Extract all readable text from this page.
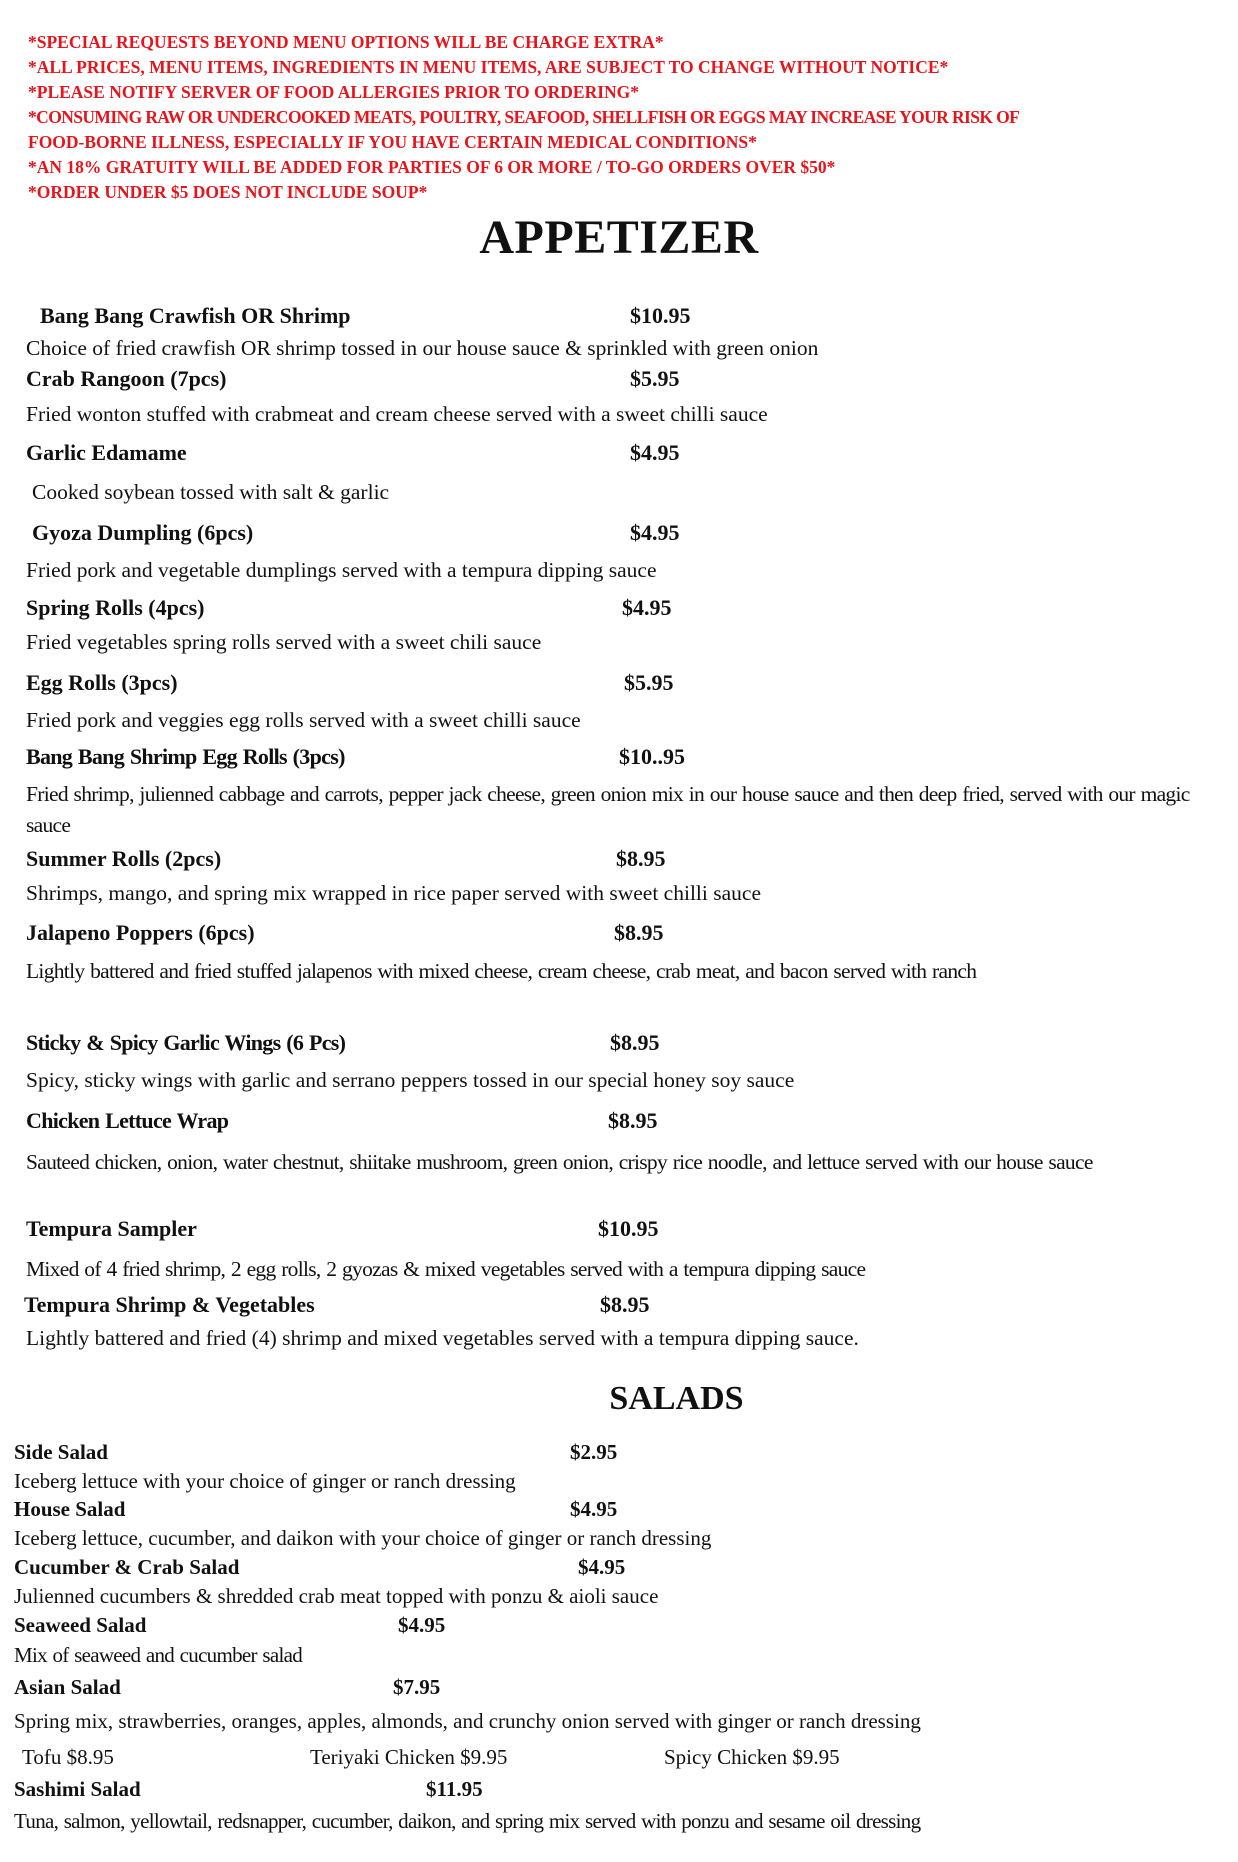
*SPECIAL REQUESTS BEYOND MENU OPTIONS WILL BE CHARGE EXTRA*
*ALL PRICES, MENU ITEMS, INGREDIENTS IN MENU ITEMS, ARE SUBJECT TO CHANGE WITHOUT NOTICE*
*PLEASE NOTIFY SERVER OF FOOD ALLERGIES PRIOR TO ORDERING*
*CONSUMING RAW OR UNDERCOOKED MEATS, POULTRY, SEAFOOD, SHELLFISH OR EGGS MAY INCREASE YOUR RISK OF
FOOD-BORNE ILLNESS, ESPECIALLY IF YOU HAVE CERTAIN MEDICAL CONDITIONS*
*AN 18% GRATUITY WILL BE ADDED FOR PARTIES OF 6 OR MORE / TO-GO ORDERS OVER $50*
*ORDER UNDER $5 DOES NOT INCLUDE SOUP*
APPETIZER
Bang Bang Crawfish OR Shrimp	$10.95
Choice of fried crawfish OR shrimp tossed in our house sauce & sprinkled with green onion
Crab Rangoon (7pcs)	$5.95
Fried wonton stuffed with crabmeat and cream cheese served with a sweet chilli sauce
Garlic Edamame	$4.95
Cooked soybean tossed with salt & garlic
Gyoza Dumpling (6pcs)	$4.95
Fried pork and vegetable dumplings served with a tempura dipping sauce
Spring Rolls (4pcs)	$4.95
Fried vegetables spring rolls served with a sweet chili sauce
Egg Rolls (3pcs)	$5.95
Fried pork and veggies egg rolls served with a sweet chilli sauce
Bang Bang Shrimp Egg Rolls (3pcs)	$10..95
Fried shrimp, julienned cabbage and carrots, pepper jack cheese, green onion mix in our house sauce and then deep fried, served with our magic sauce
Summer Rolls (2pcs)	$8.95
Shrimps, mango, and spring mix wrapped in rice paper served with sweet chilli sauce
Jalapeno Poppers (6pcs)	$8.95
Lightly battered and fried stuffed jalapenos with mixed cheese, cream cheese, crab meat, and bacon served with ranch
Sticky & Spicy Garlic Wings (6 Pcs)	$8.95
Spicy, sticky wings with garlic and serrano peppers tossed in our special honey soy sauce
Chicken Lettuce Wrap	$8.95
Sauteed chicken, onion, water chestnut, shiitake mushroom, green onion, crispy rice noodle, and lettuce served with our house sauce
Tempura Sampler	$10.95
Mixed of 4 fried shrimp, 2 egg rolls, 2 gyozas & mixed vegetables served with a tempura dipping sauce
Tempura Shrimp & Vegetables	$8.95
Lightly battered and fried (4) shrimp and mixed vegetables served with a tempura dipping sauce.
SALADS
Side Salad	$2.95
Iceberg lettuce with your choice of ginger or ranch dressing
House Salad	$4.95
Iceberg lettuce, cucumber, and daikon with your choice of ginger or ranch dressing
Cucumber & Crab Salad	$4.95
Julienned cucumbers & shredded crab meat topped with ponzu & aioli sauce
Seaweed Salad	$4.95
Mix of seaweed and cucumber salad
Asian Salad	$7.95
Spring mix, strawberries, oranges, apples, almonds, and crunchy onion served with ginger or ranch dressing
Tofu $8.95	Teriyaki Chicken $9.95	Spicy Chicken $9.95
Sashimi Salad	$11.95
Tuna, salmon, yellowtail, redsnapper, cucumber, daikon, and spring mix served with ponzu and sesame oil dressing
